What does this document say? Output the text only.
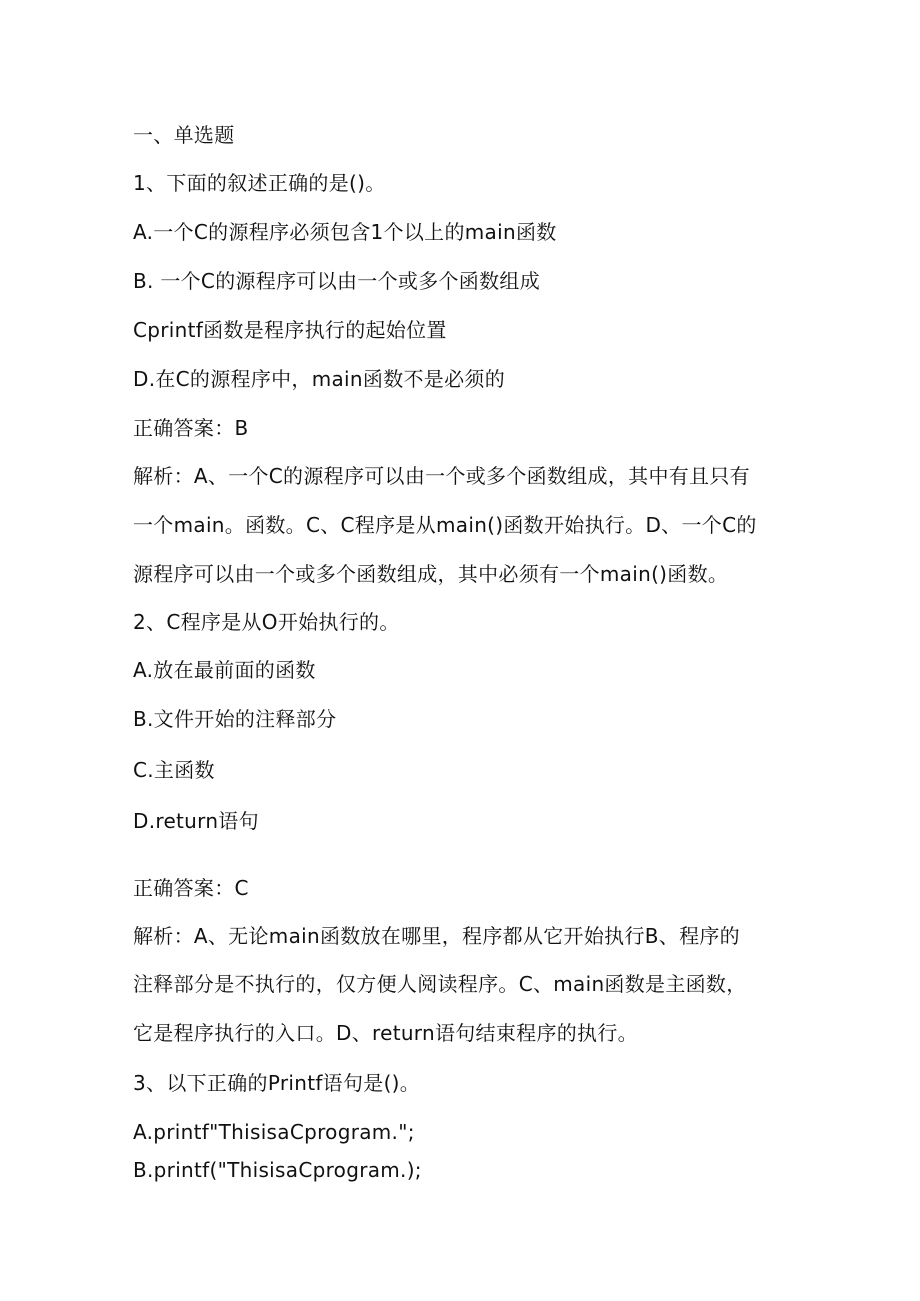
一、单选题
1、下面的叙述正确的是()。
A.一个C的源程序必须包含1个以上的main函数
B. 一个C的源程序可以由一个或多个函数组成
Cprintf函数是程序执行的起始位置
D.在C的源程序中，main函数不是必须的
正确答案：B
解析：A、一个C的源程序可以由一个或多个函数组成，其中有且只有
一个main。函数。C、C程序是从main()函数开始执行。D、一个C的
源程序可以由一个或多个函数组成，其中必须有一个main()函数。
2、C程序是从O开始执行的。
A.放在最前面的函数
B.文件开始的注释部分
C.主函数
D.return语句
正确答案：C
解析：A、无论main函数放在哪里，程序都从它开始执行B、程序的
注释部分是不执行的，仅方便人阅读程序。C、main函数是主函数，
它是程序执行的入口。D、return语句结束程序的执行。
3、以下正确的Printf语句是()。
A.printf"ThisisaCprogram.";
B.printf("ThisisaCprogram.);
